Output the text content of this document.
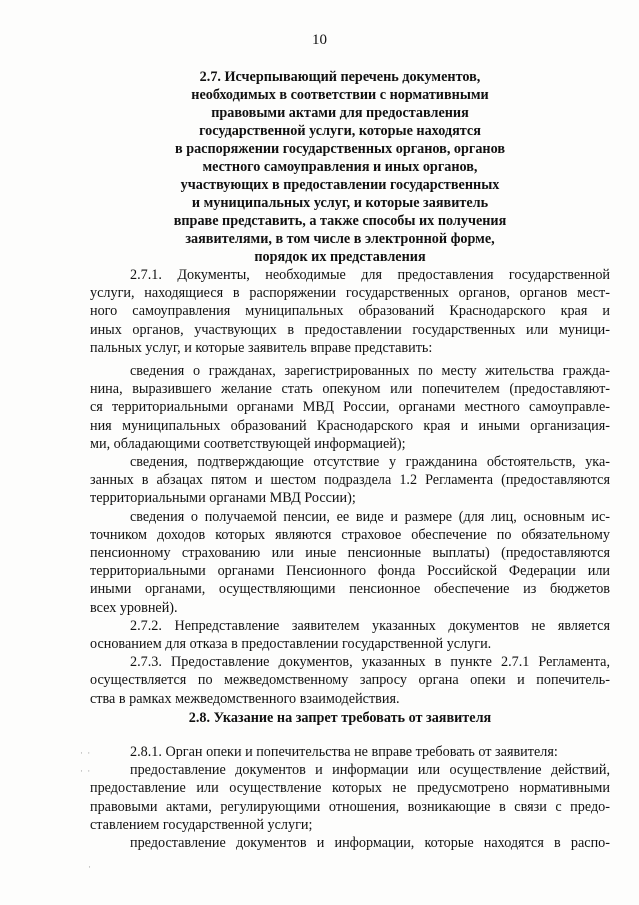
10
2.7. Исчерпывающий перечень документов,
необходимых в соответствии с нормативными
правовыми актами для предоставления
государственной услуги, которые находятся
в распоряжении государственных органов, органов
местного самоуправления и иных органов,
участвующих в предоставлении государственных
и муниципальных услуг, и которые заявитель
вправе представить, а также способы их получения
заявителями, в том числе в электронной форме,
порядок их представления
2.7.1. Документы, необходимые для предоставления государственной
услуги, находящиеся в распоряжении государственных органов, органов мест-
ного самоуправления муниципальных образований Краснодарского края и
иных органов, участвующих в предоставлении государственных или муници-
пальных услуг, и которые заявитель вправе представить:
сведения о гражданах, зарегистрированных по месту жительства гражда-
нина, выразившего желание стать опекуном или попечителем (предоставляют-
ся территориальными органами МВД России, органами местного самоуправле-
ния муниципальных образований Краснодарского края и иными организация-
ми, обладающими соответствующей информацией);
сведения, подтверждающие отсутствие у гражданина обстоятельств, ука-
занных в абзацах пятом и шестом подраздела 1.2 Регламента (предоставляются
территориальными органами МВД России);
сведения о получаемой пенсии, ее виде и размере (для лиц, основным ис-
точником доходов которых являются страховое обеспечение по обязательному
пенсионному страхованию или иные пенсионные выплаты) (предоставляются
территориальными органами Пенсионного фонда Российской Федерации или
иными органами, осуществляющими пенсионное обеспечение из бюджетов
всех уровней).
2.7.2. Непредставление заявителем указанных документов не является
основанием для отказа в предоставлении государственной услуги.
2.7.3. Предоставление документов, указанных в пункте 2.7.1 Регламента,
осуществляется по межведомственному запросу органа опеки и попечитель-
ства в рамках межведомственного взаимодействия.
2.8. Указание на запрет требовать от заявителя
2.8.1. Орган опеки и попечительства не вправе требовать от заявителя:
предоставление документов и информации или осуществление действий,
предоставление или осуществление которых не предусмотрено нормативными
правовыми актами, регулирующими отношения, возникающие в связи с предо-
ставлением государственной услуги;
предоставление документов и информации, которые находятся в распо-
· ·
· ·
·
